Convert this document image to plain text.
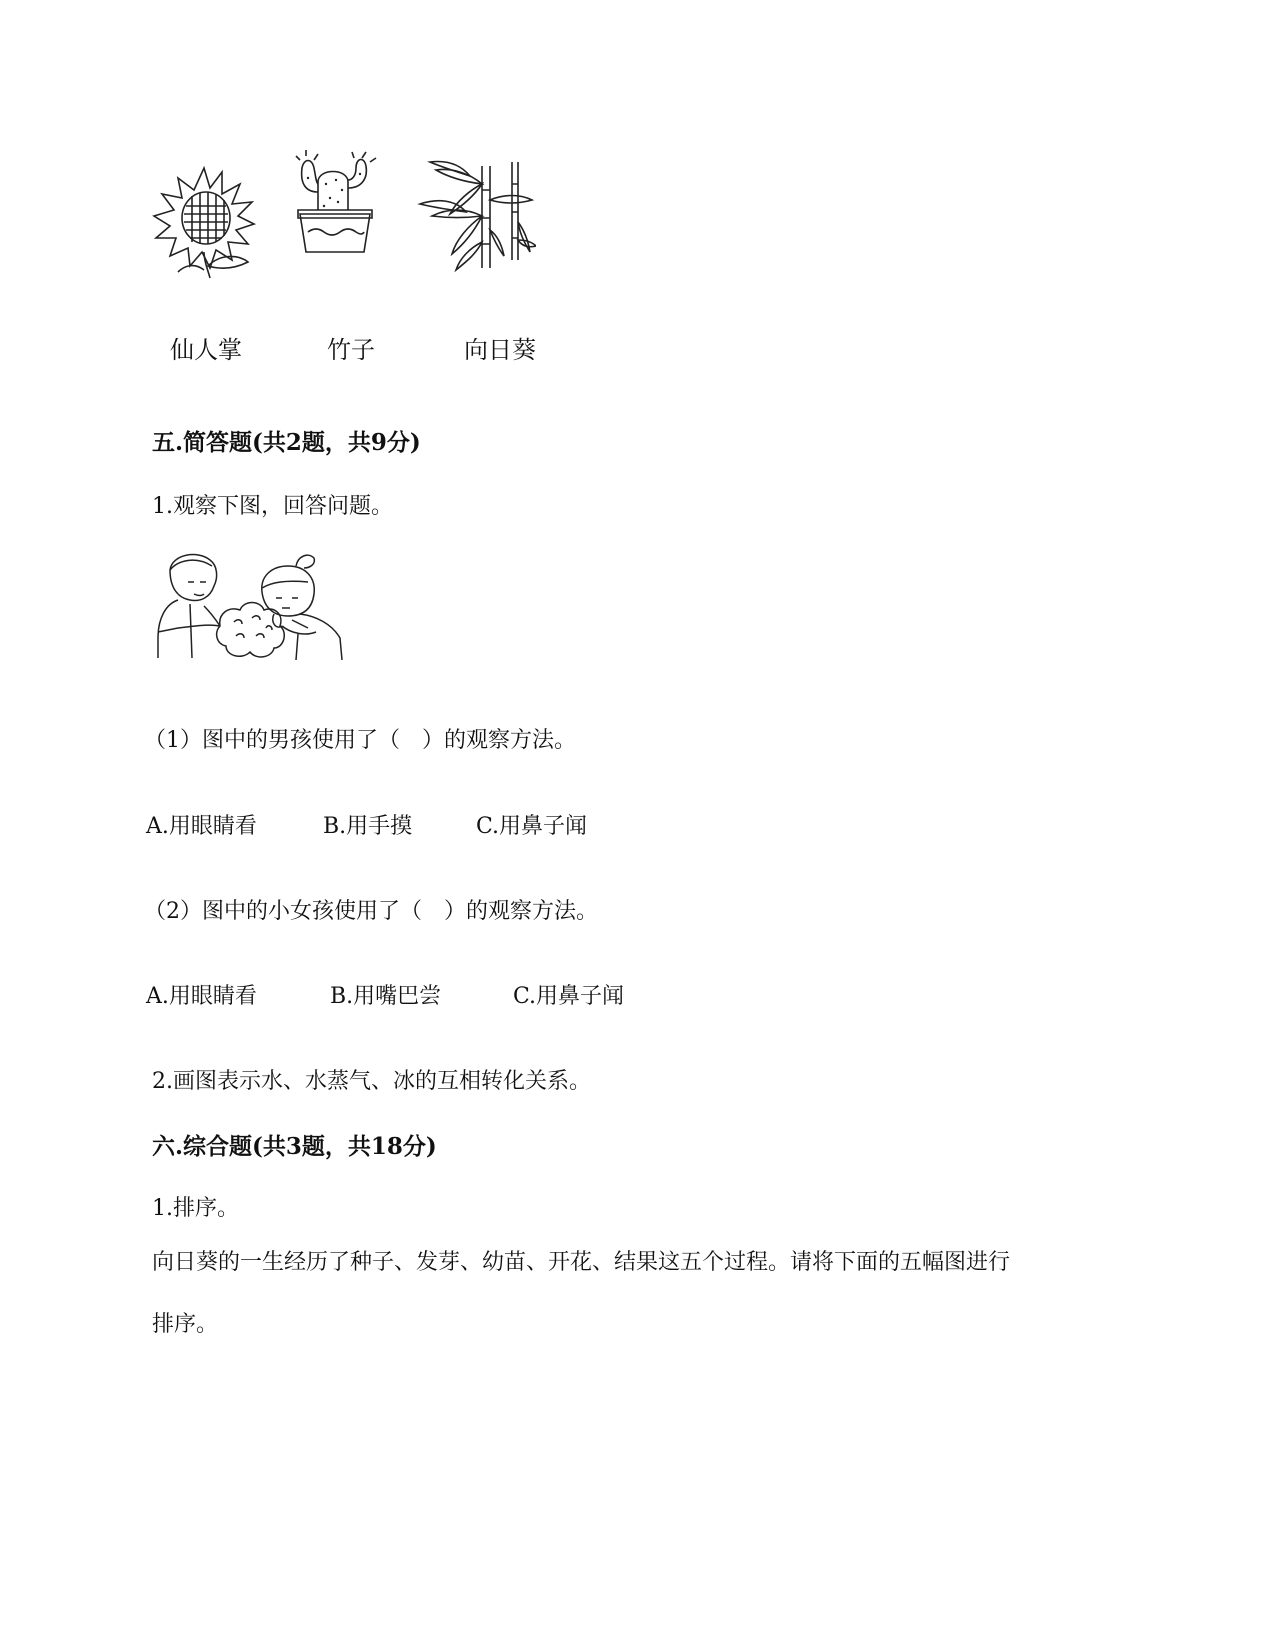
仙人掌	竹子	向日葵
五.简答题(共2题，共9分)
1.观察下图，回答问题。
（1）图中的男孩使用了（　）的观察方法。
A.用眼睛看	B.用手摸	C.用鼻子闻
（2）图中的小女孩使用了（　）的观察方法。
A.用眼睛看	B.用嘴巴尝	C.用鼻子闻
2.画图表示水、水蒸气、冰的互相转化关系。
六.综合题(共3题，共18分)
1.排序。
向日葵的一生经历了种子、发芽、幼苗、开花、结果这五个过程。请将下面的五幅图进行
排序。
